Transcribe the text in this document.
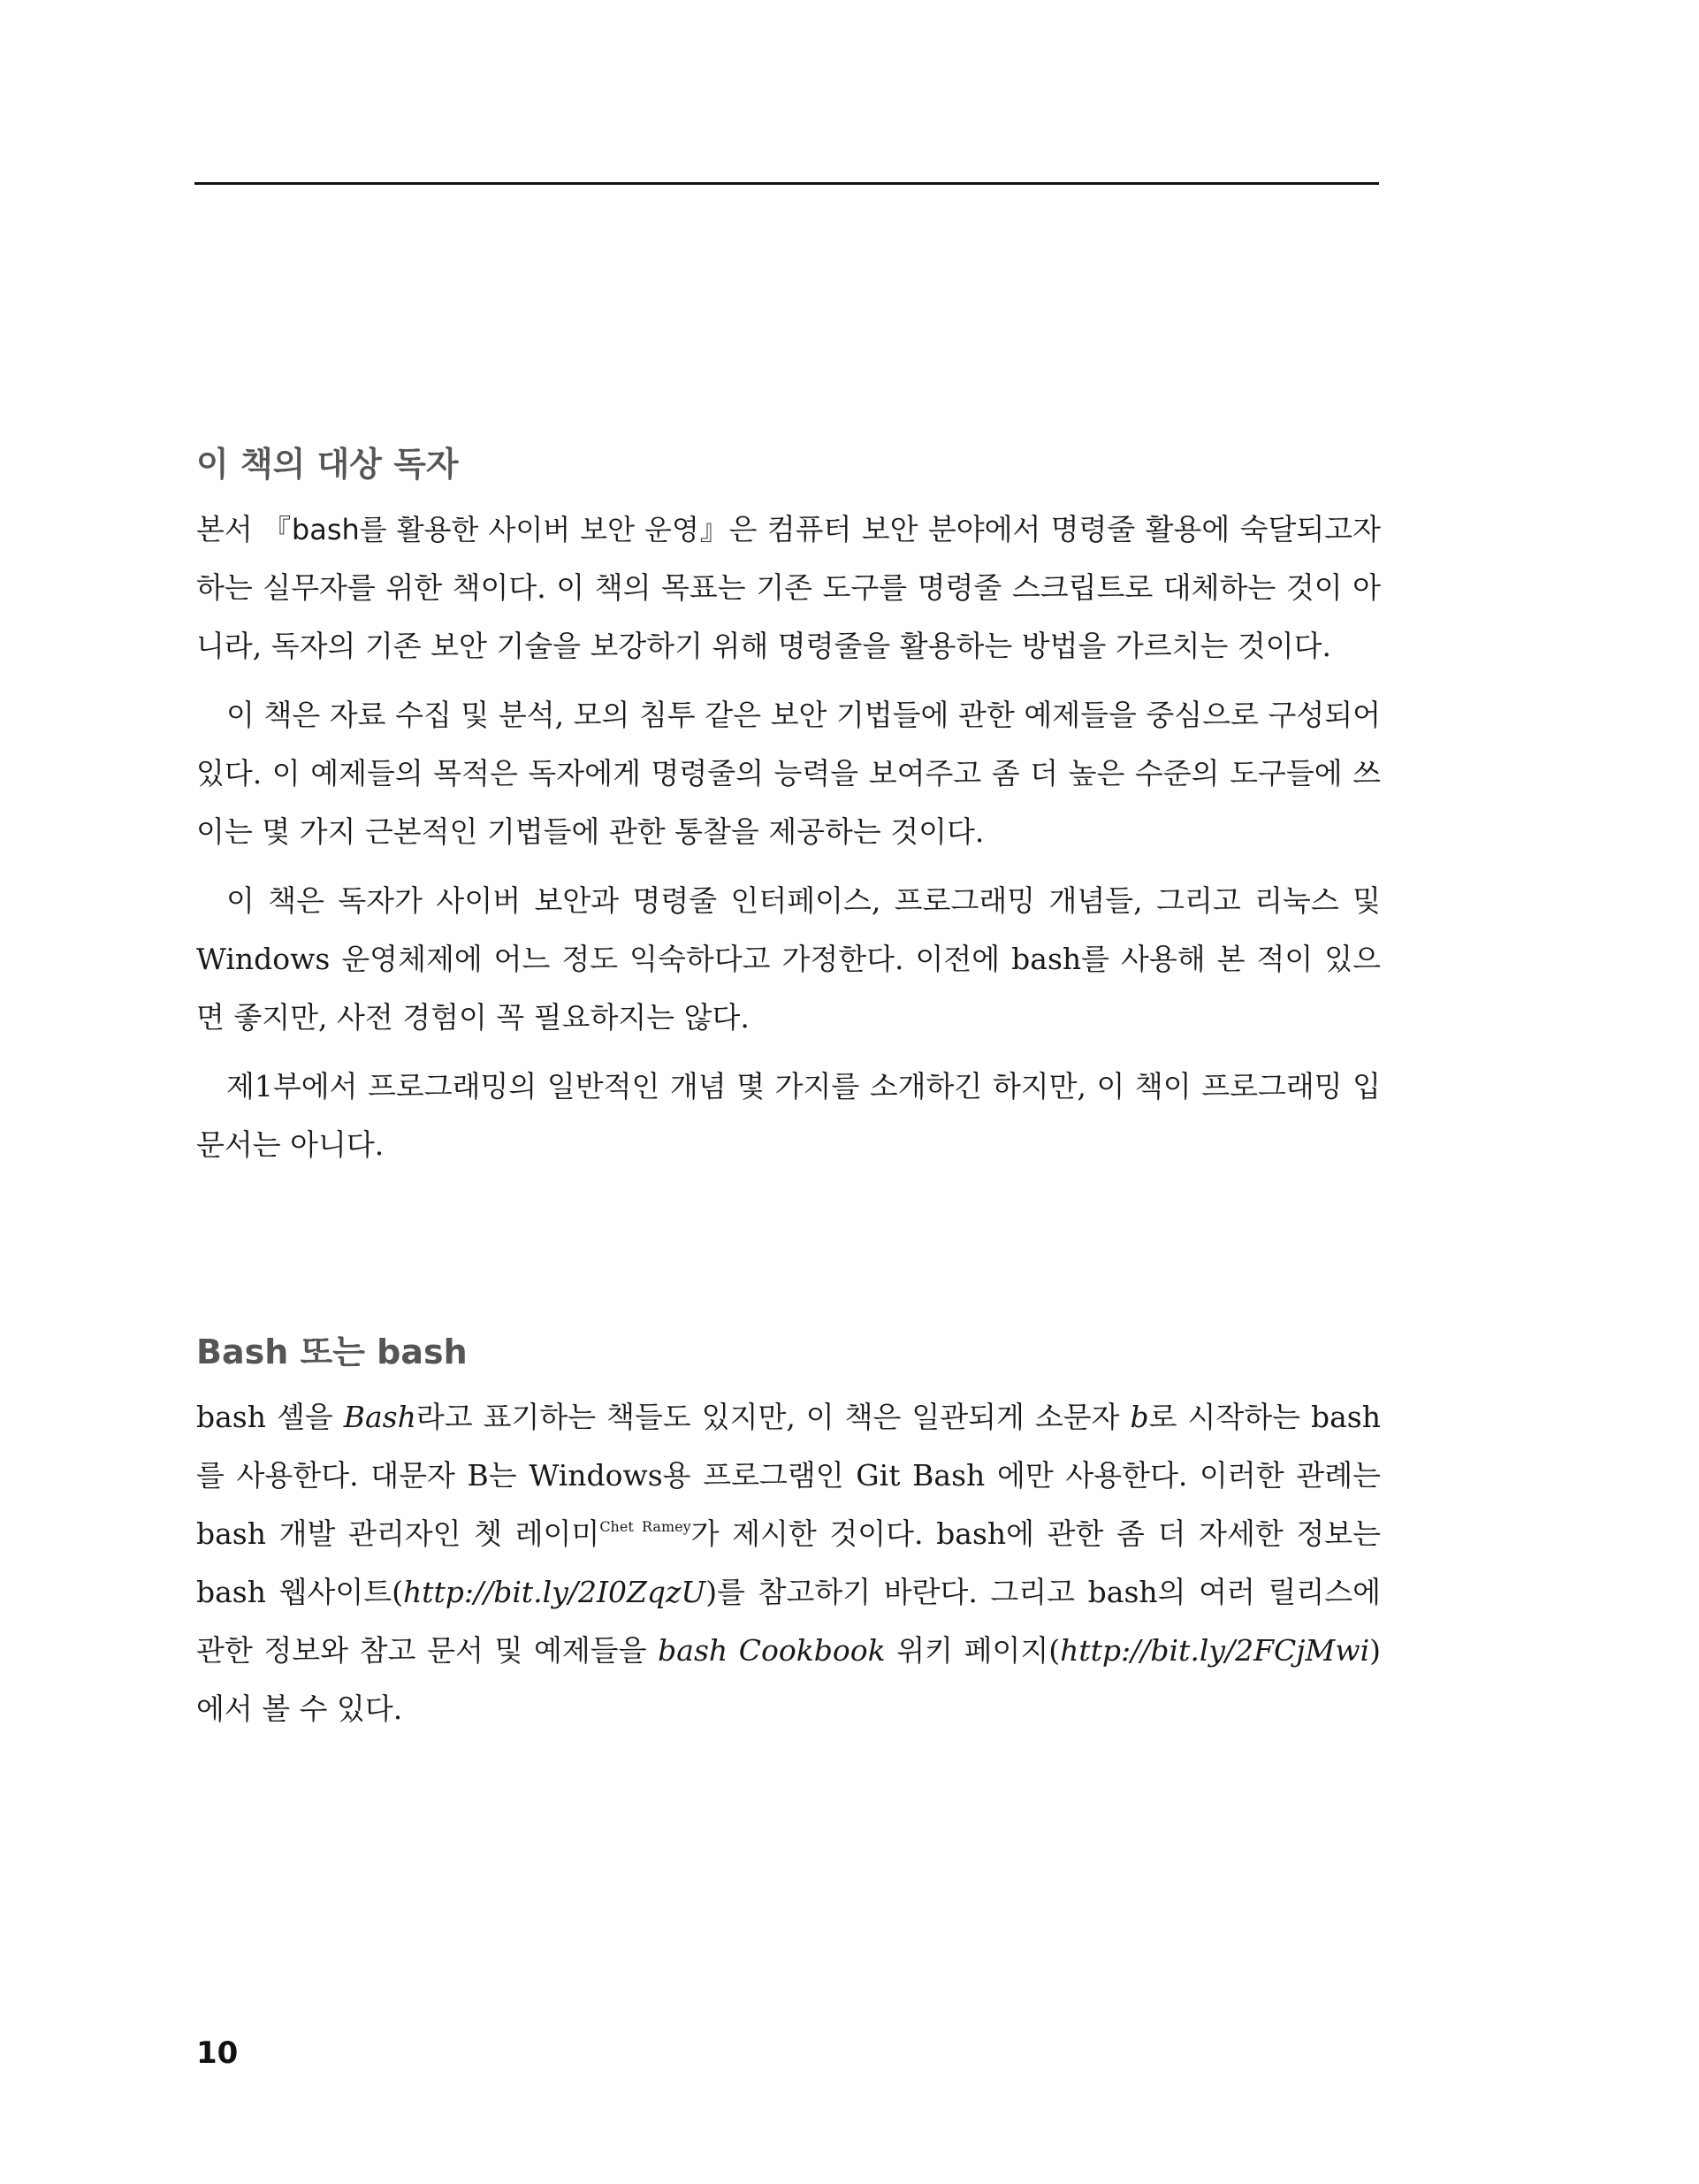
이 책의 대상 독자

본서 『bash를 활용한 사이버 보안 운영』은 컴퓨터 보안 분야에서 명령줄 활용에 숙달되고자 하는 실무자를 위한 책이다. 이 책의 목표는 기존 도구를 명령줄 스크립트로 대체하는 것이 아니라, 독자의 기존 보안 기술을 보강하기 위해 명령줄을 활용하는 방법을 가르치는 것이다.

이 책은 자료 수집 및 분석, 모의 침투 같은 보안 기법들에 관한 예제들을 중심으로 구성되어 있다. 이 예제들의 목적은 독자에게 명령줄의 능력을 보여주고 좀 더 높은 수준의 도구들에 쓰이는 몇 가지 근본적인 기법들에 관한 통찰을 제공하는 것이다.

이 책은 독자가 사이버 보안과 명령줄 인터페이스, 프로그래밍 개념들, 그리고 리눅스 및 Windows 운영체제에 어느 정도 익숙하다고 가정한다. 이전에 bash를 사용해 본 적이 있으면 좋지만, 사전 경험이 꼭 필요하지는 않다.

제1부에서 프로그래밍의 일반적인 개념 몇 가지를 소개하긴 하지만, 이 책이 프로그래밍 입문서는 아니다.

Bash 또는 bash

bash 셸을 Bash라고 표기하는 책들도 있지만, 이 책은 일관되게 소문자 b로 시작하는 bash를 사용한다. 대문자 B는 Windows용 프로그램인 Git Bash 에만 사용한다. 이러한 관례는 bash 개발 관리자인 쳇 레이미$^{Chet Ramey}$가 제시한 것이다. bash에 관한 좀 더 자세한 정보는 bash 웹사이트(http://bit.ly/2I0ZqzU)를 참고하기 바란다. 그리고 bash의 여러 릴리스에 관한 정보와 참고 문서 및 예제들을 bash Cookbook 위키 페이지(http://bit.ly/2FCjMwi)에서 볼 수 있다.

10
